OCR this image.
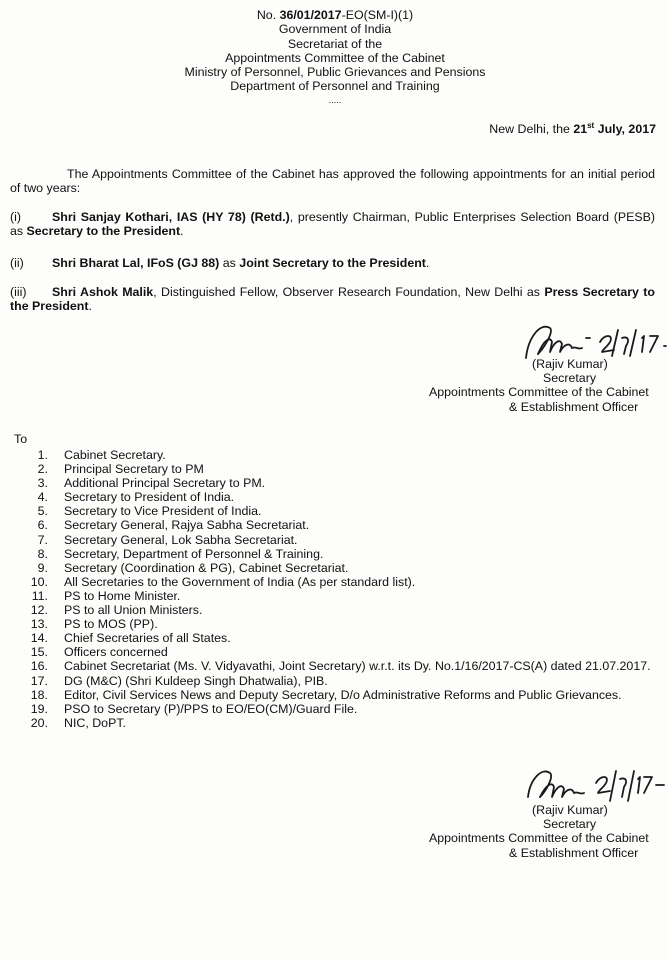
No. 36/01/2017-EO(SM-I)(1)
Government of India
Secretariat of the
Appointments Committee of the Cabinet
Ministry of Personnel, Public Grievances and Pensions
Department of Personnel and Training
.....
New Delhi, the 21st July, 2017

The Appointments Committee of the Cabinet has approved the following appointments for an initial period of two years:

(i) Shri Sanjay Kothari, IAS (HY 78) (Retd.), presently Chairman, Public Enterprises Selection Board (PESB) as Secretary to the President.

(ii) Shri Bharat Lal, IFoS (GJ 88) as Joint Secretary to the President.

(iii) Shri Ashok Malik, Distinguished Fellow, Observer Research Foundation, New Delhi as Press Secretary to the President.

(Rajiv Kumar)
Secretary
Appointments Committee of the Cabinet
& Establishment Officer
To
1. Cabinet Secretary.
2. Principal Secretary to PM
3. Additional Principal Secretary to PM.
4. Secretary to President of India.
5. Secretary to Vice President of India.
6. Secretary General, Rajya Sabha Secretariat.
7. Secretary General, Lok Sabha Secretariat.
8. Secretary, Department of Personnel & Training.
9. Secretary (Coordination & PG), Cabinet Secretariat.
10. All Secretaries to the Government of India (As per standard list).
11. PS to Home Minister.
12. PS to all Union Ministers.
13. PS to MOS (PP).
14. Chief Secretaries of all States.
15. Officers concerned
16. Cabinet Secretariat (Ms. V. Vidyavathi, Joint Secretary) w.r.t. its Dy. No.1/16/2017-CS(A) dated 21.07.2017.
17. DG (M&C) (Shri Kuldeep Singh Dhatwalia), PIB.
18. Editor, Civil Services News and Deputy Secretary, D/o Administrative Reforms and Public Grievances.
19. PSO to Secretary (P)/PPS to EO/EO(CM)/Guard File.
20. NIC, DoPT.
(Rajiv Kumar)
Secretary
Appointments Committee of the Cabinet
& Establishment Officer
